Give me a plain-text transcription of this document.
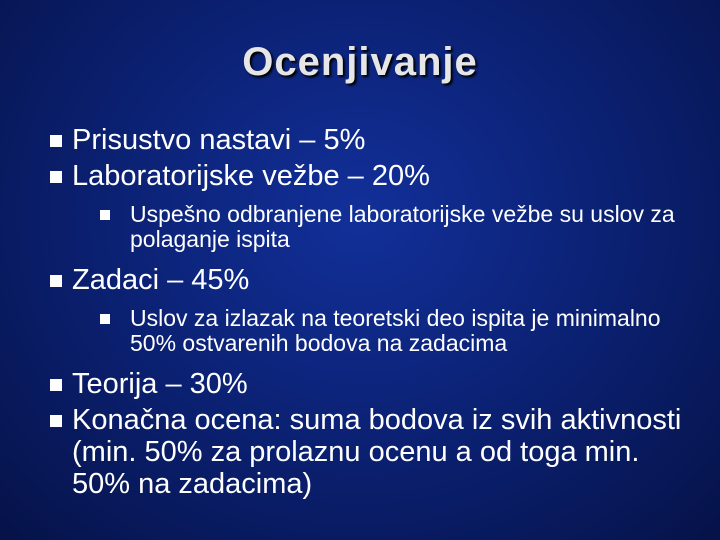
Ocenjivanje
Prisustvo nastavi – 5%
Laboratorijske vežbe – 20%
Uspešno odbranjene laboratorijske vežbe su uslov za polaganje ispita
Zadaci – 45%
Uslov za izlazak na teoretski deo ispita je minimalno 50% ostvarenih bodova na zadacima
Teorija – 30%
Konačna ocena: suma bodova iz svih aktivnosti (min. 50% za prolaznu ocenu a od toga min. 50% na zadacima)
